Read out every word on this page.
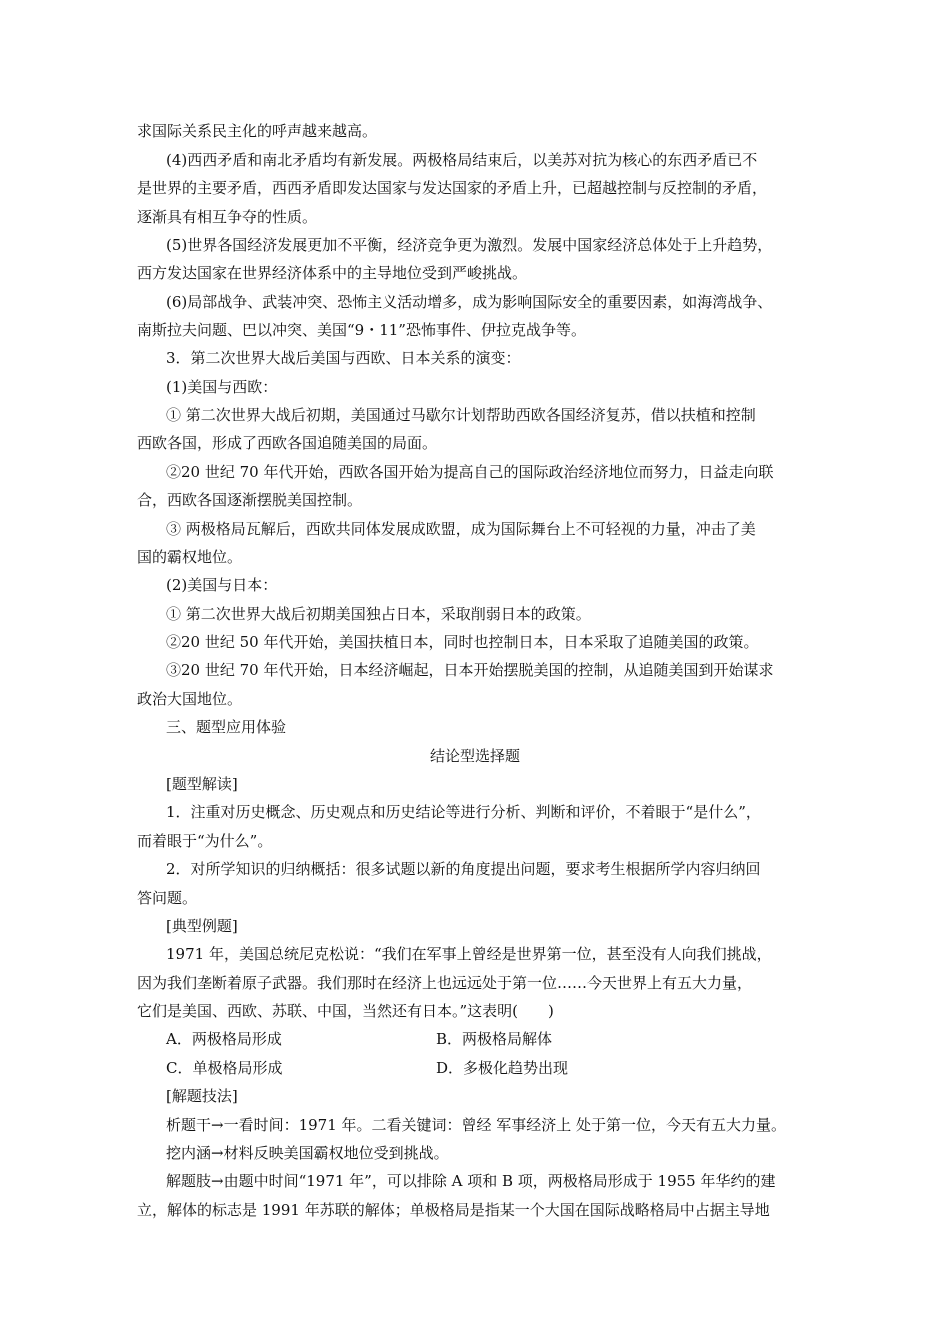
求国际关系民主化的呼声越来越高。
(4)西西矛盾和南北矛盾均有新发展。两极格局结束后，以美苏对抗为核心的东西矛盾已不
是世界的主要矛盾，西西矛盾即发达国家与发达国家的矛盾上升，已超越控制与反控制的矛盾，
逐渐具有相互争夺的性质。
(5)世界各国经济发展更加不平衡，经济竞争更为激烈。发展中国家经济总体处于上升趋势，
西方发达国家在世界经济体系中的主导地位受到严峻挑战。
(6)局部战争、武装冲突、恐怖主义活动增多，成为影响国际安全的重要因素，如海湾战争、
南斯拉夫问题、巴以冲突、美国“9・11”恐怖事件、伊拉克战争等。
3．第二次世界大战后美国与西欧、日本关系的演变：
(1)美国与西欧：
① 第二次世界大战后初期，美国通过马歇尔计划帮助西欧各国经济复苏，借以扶植和控制
西欧各国，形成了西欧各国追随美国的局面。
②20 世纪 70 年代开始，西欧各国开始为提高自己的国际政治经济地位而努力，日益走向联
合，西欧各国逐渐摆脱美国控制。
③ 两极格局瓦解后，西欧共同体发展成欧盟，成为国际舞台上不可轻视的力量，冲击了美
国的霸权地位。
(2)美国与日本：
① 第二次世界大战后初期美国独占日本，采取削弱日本的政策。
②20 世纪 50 年代开始，美国扶植日本，同时也控制日本，日本采取了追随美国的政策。
③20 世纪 70 年代开始，日本经济崛起，日本开始摆脱美国的控制，从追随美国到开始谋求
政治大国地位。
三、题型应用体验
结论型选择题
[题型解读]
1．注重对历史概念、历史观点和历史结论等进行分析、判断和评价，不着眼于“是什么”，
而着眼于“为什么”。
2．对所学知识的归纳概括：很多试题以新的角度提出问题，要求考生根据所学内容归纳回
答问题。
[典型例题]
1971 年，美国总统尼克松说：“我们在军事上曾经是世界第一位，甚至没有人向我们挑战，
因为我们垄断着原子武器。我们那时在经济上也远远处于第一位……今天世界上有五大力量，
它们是美国、西欧、苏联、中国，当然还有日本。”这表明(　　)
A．两极格局形成	B．两极格局解体
C．单极格局形成	D．多极化趋势出现
[解题技法]
析题干→一看时间：1971 年。二看关键词：曾经 军事经济上 处于第一位，今天有五大力量。
挖内涵→材料反映美国霸权地位受到挑战。
解题肢→由题中时间“1971 年”，可以排除 A 项和 B 项，两极格局形成于 1955 年华约的建
立，解体的标志是 1991 年苏联的解体；单极格局是指某一个大国在国际战略格局中占据主导地
